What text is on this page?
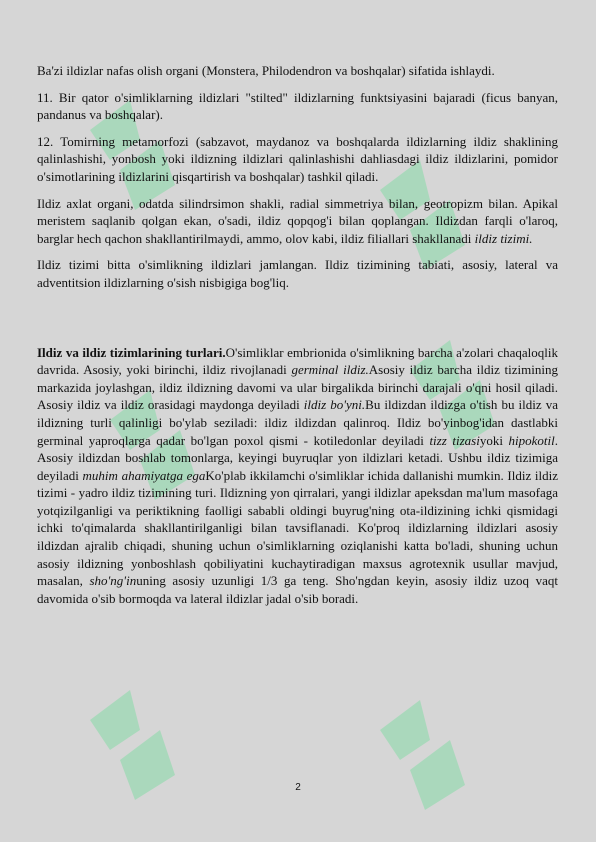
Ba'zi ildizlar nafas olish organi (Monstera, Philodendron va boshqalar) sifatida ishlaydi.

11. Bir qator o'simliklarning ildizlari "stilted" ildizlarning funktsiyasini bajaradi (ficus banyan, pandanus va boshqalar).

12. Tomirning metamorfozi (sabzavot, maydanoz va boshqalarda ildizlarning ildiz shaklining qalinlashishi, yonbosh yoki ildizning ildizlari qalinlashishi dahliasdagi ildiz ildizlarini, pomidor o'simotlarining ildizlarini qisqartirish va boshqalar) tashkil qiladi.

Ildiz axlat organi, odatda silindrsimon shakli, radial simmetriya bilan, geotropizm bilan. Apikal meristem saqlanib qolgan ekan, o'sadi, ildiz qopqog'i bilan qoplangan. Ildizdan farqli o'laroq, barglar hech qachon shakllantirilmaydi, ammo, olov kabi, ildiz filiallari shakllanadi ildiz tizimi.

Ildiz tizimi bitta o'simlikning ildizlari jamlangan. Ildiz tizimining tabiati, asosiy, lateral va adventitsion ildizlarning o'sish nisbigiga bog'liq.

Ildiz va ildiz tizimlarining turlari.O'simliklar embrionida o'simlikning barcha a'zolari chaqaloqlik davrida. Asosiy, yoki birinchi, ildiz rivojlanadi germinal ildiz.Asosiy ildiz barcha ildiz tizimining markazida joylashgan, ildiz ildizning davomi va ular birgalikda birinchi darajali o'qni hosil qiladi. Asosiy ildiz va ildiz orasidagi maydonga deyiladi ildiz bo'yni.Bu ildizdan ildizga o'tish bu ildiz va ildizning turli qalinligi bo'ylab seziladi: ildiz ildizdan qalinroq. Ildiz bo'yinbog'idan dastlabki germinal yaproqlarga qadar bo'lgan poxol qismi - kotiledonlar deyiladi tizz tizasiyoki hipokotil. Asosiy ildizdan boshlab tomonlarga, keyingi buyruqlar yon ildizlari ketadi. Ushbu ildiz tizimiga deyiladi muhim ahamiyatga egaKo'plab ikkilamchi o'simliklar ichida dallanishi mumkin. Ildiz ildiz tizimi - yadro ildiz tizimining turi. Ildizning yon qirralari, yangi ildizlar apeksdan ma'lum masofaga yotqizilganligi va periktikning faolligi sababli oldingi buyrug'ning ota-ildizining ichki qismidagi ichki to'qimalarda shakllantirilganligi bilan tavsiflanadi. Ko'proq ildizlarning ildizlari asosiy ildizdan ajralib chiqadi, shuning uchun o'simliklarning oziqlanishi katta bo'ladi, shuning uchun asosiy ildizning yonboshlash qobiliyatini kuchaytiradigan maxsus agrotexnik usullar mavjud, masalan, sho'ng'inuning asosiy uzunligi 1/3 ga teng. Sho'ngdan keyin, asosiy ildiz uzoq vaqt davomida o'sib bormoqda va lateral ildizlar jadal o'sib boradi.

2
